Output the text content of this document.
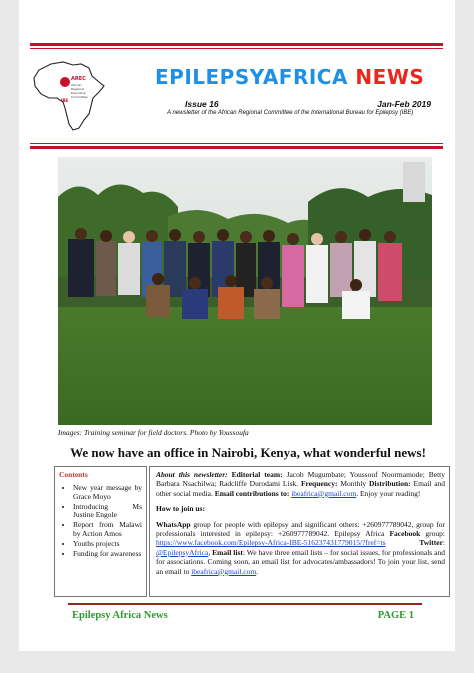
AREC
African
Regional
Executive
Committee
IBE
EPILEPSYAFRICA NEWS
Issue 16	Jan-Feb 2019
A newsletter of the African Regional Committee of the International Bureau for Epilepsy (IBE)
Images: Training seminar for field doctors. Photo by Youssoufa
We now have an office in Nairobi, Kenya, what wonderful news!
Contents
• New year message by Grace Moyo
• Introducing Ms Justine Engole
• Report from Malawi by Action Amos
• Youths projects
• Funding for awareness

About this newsletter: Editorial team: Jacob Mugumbate; Youssouf Noormamode; Betty Barbara Nsachilwa; Radcliffe Durodami Lisk. Frequency: Monthly Distribution: Email and other social media. Email contributions to: ibeafrica@gmail.com. Enjoy your reading!

How to join us:

WhatsApp group for people with epilepsy and significant others: +260977789042, group for professionals interested in epilepsy: +260977789042. Epilepsy Africa Facebook group: https://www.facebook.com/Epilepsy-Africa-IBE-516237431779015/?fref=ts	Twitter: @EpilepsyAfrica, Email list: We have three email lists – for social issues, for professionals and for associations. Coming soon, an email list for advocates/ambassadors! To join your list, send an email to ibeafrica@gmail.com.

Epilepsy Africa News	PAGE 1
